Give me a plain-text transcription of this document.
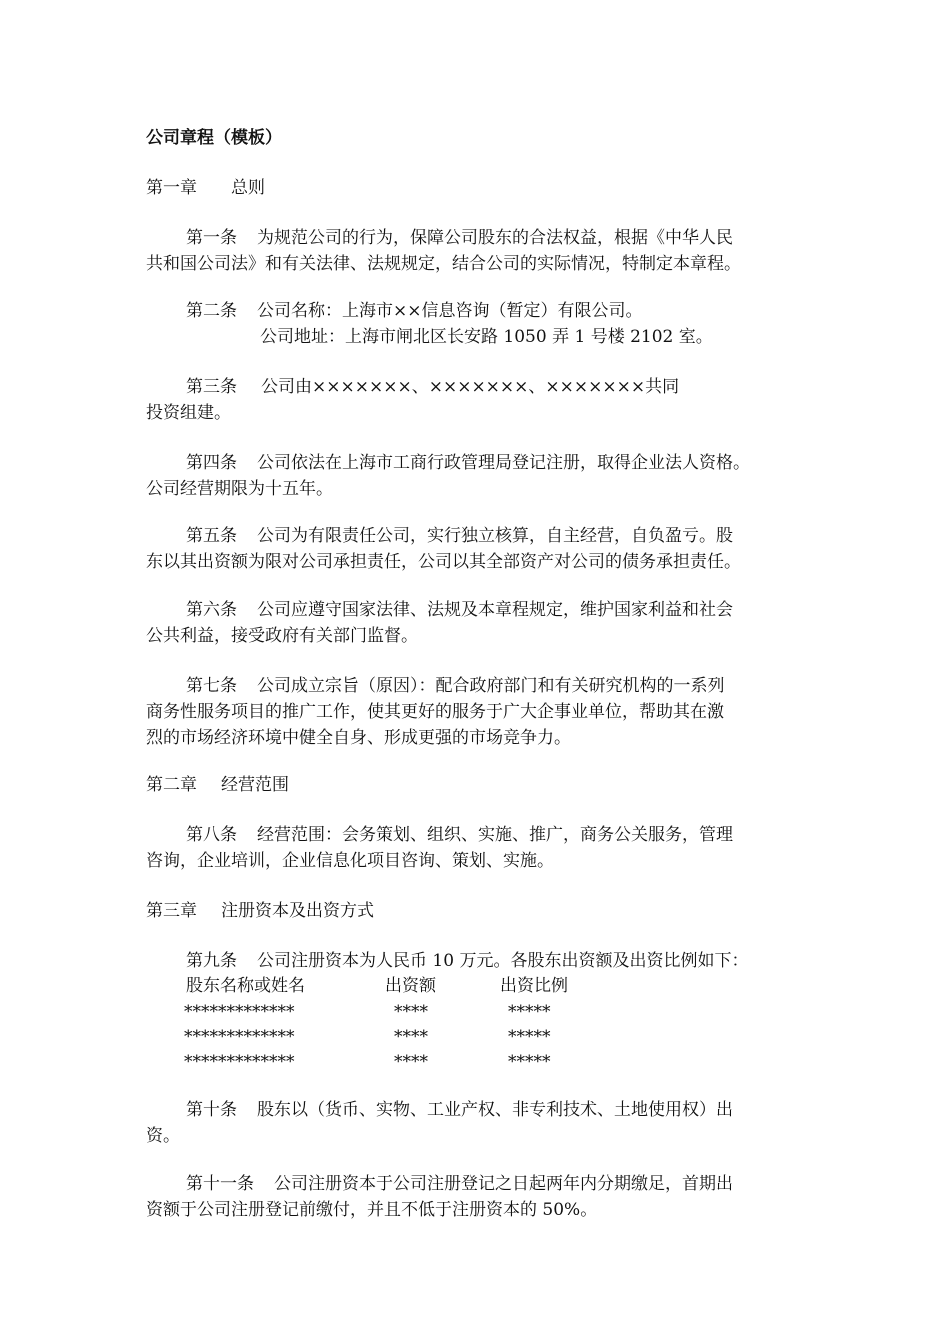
公司章程（模板）
第一章 总则
第一条 为规范公司的行为，保障公司股东的合法权益，根据《中华人民
共和国公司法》和有关法律、法规规定，结合公司的实际情况，特制定本章程。
第二条 公司名称：上海市××信息咨询（暂定）有限公司。
公司地址：上海市闸北区长安路 1050 弄 1 号楼 2102 室。
第三条 公司由×××××××、×××××××、×××××××共同
投资组建。
第四条 公司依法在上海市工商行政管理局登记注册，取得企业法人资格。
公司经营期限为十五年。
第五条 公司为有限责任公司，实行独立核算，自主经营，自负盈亏。股
东以其出资额为限对公司承担责任，公司以其全部资产对公司的债务承担责任。
第六条 公司应遵守国家法律、法规及本章程规定，维护国家利益和社会
公共利益，接受政府有关部门监督。
第七条 公司成立宗旨（原因）：配合政府部门和有关研究机构的一系列
商务性服务项目的推广工作，使其更好的服务于广大企事业单位，帮助其在激
烈的市场经济环境中健全自身、形成更强的市场竞争力。
第二章 经营范围
第八条 经营范围：会务策划、组织、实施、推广，商务公关服务，管理
咨询，企业培训，企业信息化项目咨询、策划、实施。
第三章 注册资本及出资方式
第九条 公司注册资本为人民币 10 万元。各股东出资额及出资比例如下：
股东名称或姓名	出资额	出资比例
*************	****	*****
*************	****	*****
*************	****	*****
第十条 股东以（货币、实物、工业产权、非专利技术、土地使用权）出
资。
第十一条 公司注册资本于公司注册登记之日起两年内分期缴足，首期出
资额于公司注册登记前缴付，并且不低于注册资本的 50%。
